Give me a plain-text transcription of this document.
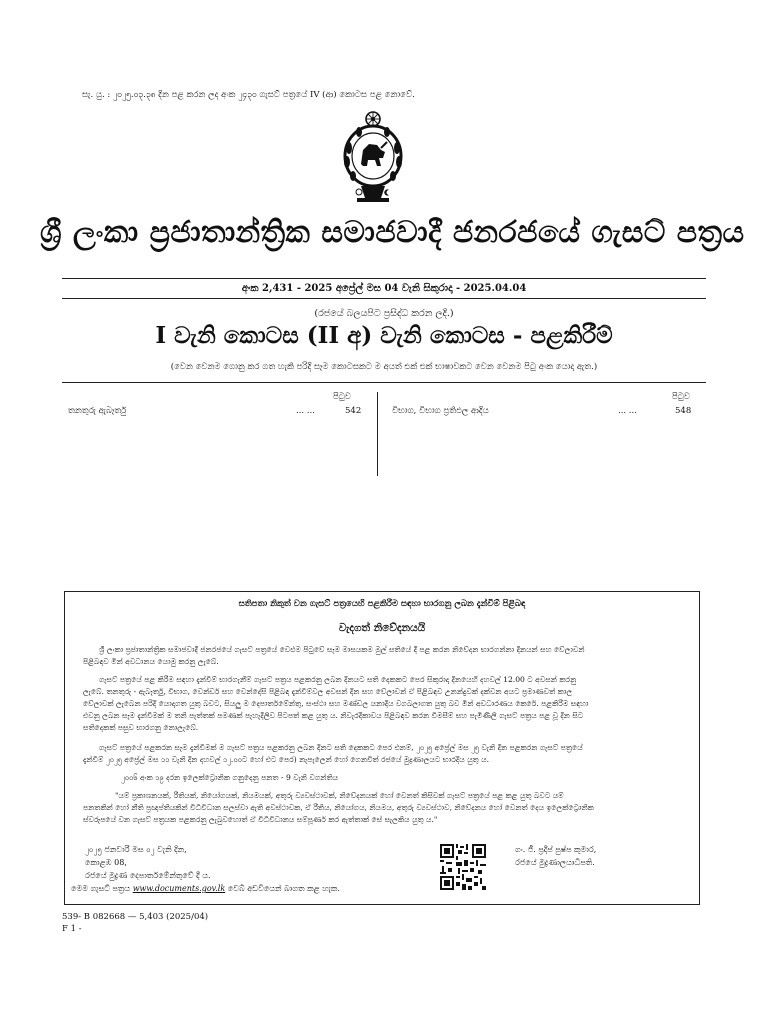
සැ. යු. : ၂၀၂၅.၀၃.၃၈ දින පළ කරන ලද අංක ၂၄၃၀ ගැසට් පත්‍රයේ IV (ආ) කොටස පළ නොවේ.
ශ්‍රී ලංකා ප්‍රජාතාන්ත්‍රික සමාජවාදී ජනරජයේ ගැසට් පත්‍රය
අංක 2,431 - 2025 අප්‍රේල් මස 04 වැනි සිකුරාදා - 2025.04.04
(රජයේ බලයපිට ප්‍රසිද්ධ කරන ලදි.)
I වැනි කොටස (II අ) වැනි කොටස - පළකිරීම්
(වෙන වෙනම ගොනු කර ගත හැකි පරිදි සෑම කොටසකට ම අයත් එක් එක් භාෂාවකට වෙන වෙනම පිටු අංක යොදා ඇත.)
පිටුව
තනතුරු ඇබෑර්තු	... ...	542
පිටුව
විභාග, විභාග ප්‍රතිඵල ආදිය	... ...	548
සතිපතා නිකුත් වන ගැසට් පත්‍රයෙහි පළකිරීම සඳහා භාරගනු ලබන දැන්වීම් පිළිබඳ
වැදගත් නිවේදනයයි
ශ්‍රී ලංකා ප්‍රජාතාන්ත්‍රික සමාජවාදී ජනරජයේ ගැසට් පත්‍රයේ වෙළුම පිටුවේ සෑම මාසයකම මුල් සතියේ දී පළ කරන නිවේදන භාරගන්නා දිනයන් සහ වේලාවන්
පිළිබඳව මින් අවධානය යොමු කරනු ලැබේ.
ගැසට් පත්‍රයේ පළ කිරීම සඳහා දැන්වීම් භාරගැනීම් ගැසට් පත්‍රය පළකරනු ලබන දිනයට සති දෙකකට පෙර සිකුරාදා දිනයෙහි දහවල් 12.00 ට අවසන් කරනු
ලැබේ. තනතුරු - ඇබෑර්තු, විභාග, වෙන්ඩර් සහ වෙන්දේසි පිළිබඳ දැන්වීම්වල අවසන් දින සහ වේලාවන් ඒ පිළිබඳව උනන්දුවක් දක්වන අයට ප්‍රමාණවත් කාල
වේලාවක් ලැබෙන පරිදි යොදාගත යුතු බවට, සියලු ම දෙපාර්තමේන්තු, සංස්ථා සහ මණ්ඩල යනාදිය වගබලාගත යුතු බව මින් අවධාරණය කෙරේ. පළකිරීම සඳහා
එවනු ලබන සෑම දැන්වීමක් ම තනි පැත්තක් පමණක් පැහැදිලිව පිටපත් කළ යුතු ය. නිවැරදිකාවය පිළිබඳව කරන විමසීම් සහ පැමිණිලි ගැසට් පත්‍රය පළ වූ දින සිට
සතිදෙකක් පසුව භාරගනු නොලැබේ.
ගැසට් පත්‍රයේ පළකරන සෑම දැන්වීමක් ම ගැසට් පත්‍රය පළකරනු ලබන දිනට සති දෙකකට පෙර එනම්, ၂၀၂၅ අප්‍රේල් මස ၂၅ වැනි දින පළකරන ගැසට් පත්‍රයේ
දැන්වීම් ၂၀၂၅ අප්‍රේල් මස ၁၁ වැනි දින දහවල් ၁၂.၀၀ට හෝ එට පෙර) නැපැලෙන් හෝ ගෙනවිත් රජයේ මුද්‍රණාලයට භාරදිය යුතු ය.
၂၀၀၆ අංක ၁၉ දරන ඉලෙක්ට්‍රොනික ගනුදෙනු පනත - 9 වැනි වගන්තිය
"යම් ප්‍රකාශනයක්, රීතියක්, නියෝගයක්, නියමයක්, අතුරු ව්‍යවස්ථාවක්, නිවේදනයක් හෝ වෙනත් කිසිවක් ගැසට් පත්‍රයේ පළ කළ යුතු බවට යම්
පනතකින් හෝ නීති ප්‍රඥප්තියකින් විධිවිධාන සලස්වා ඇති අවස්ථාවක, ඒ රීතිය, නියෝගය, නියමය, අතුරු ව්‍යවස්ථාව, නිවේදනය හෝ වෙනත් දෙය ඉලෙක්ට්‍රොනික
ස්වරූපයේ වන ගැසට් පත්‍රයක පළකරනු ලැබුවහොත් ඒ විධිවිධානය සම්පූර්ණ කර ඇත්තාක් සේ සැලකිය යුතු ය."
၂၀၂၅ ජනවාරි මස ၀၂ වැනි දින,
කොළඹ 08,
රජයේ මුද්‍රණ දෙපාර්තමේන්තුවේ දී ය.
ගං. ජී. ප්‍රදීප් පුෂ්ප කුමාර,
රජයේ මුද්‍රණාලයාධිපති.
මෙම ගැසට් පත්‍රය www.documents.gov.lk වෙබ් අඩවියෙන් බාගත කළ හැක.
539- B 082668 — 5,403 (2025/04)
F 1 -
